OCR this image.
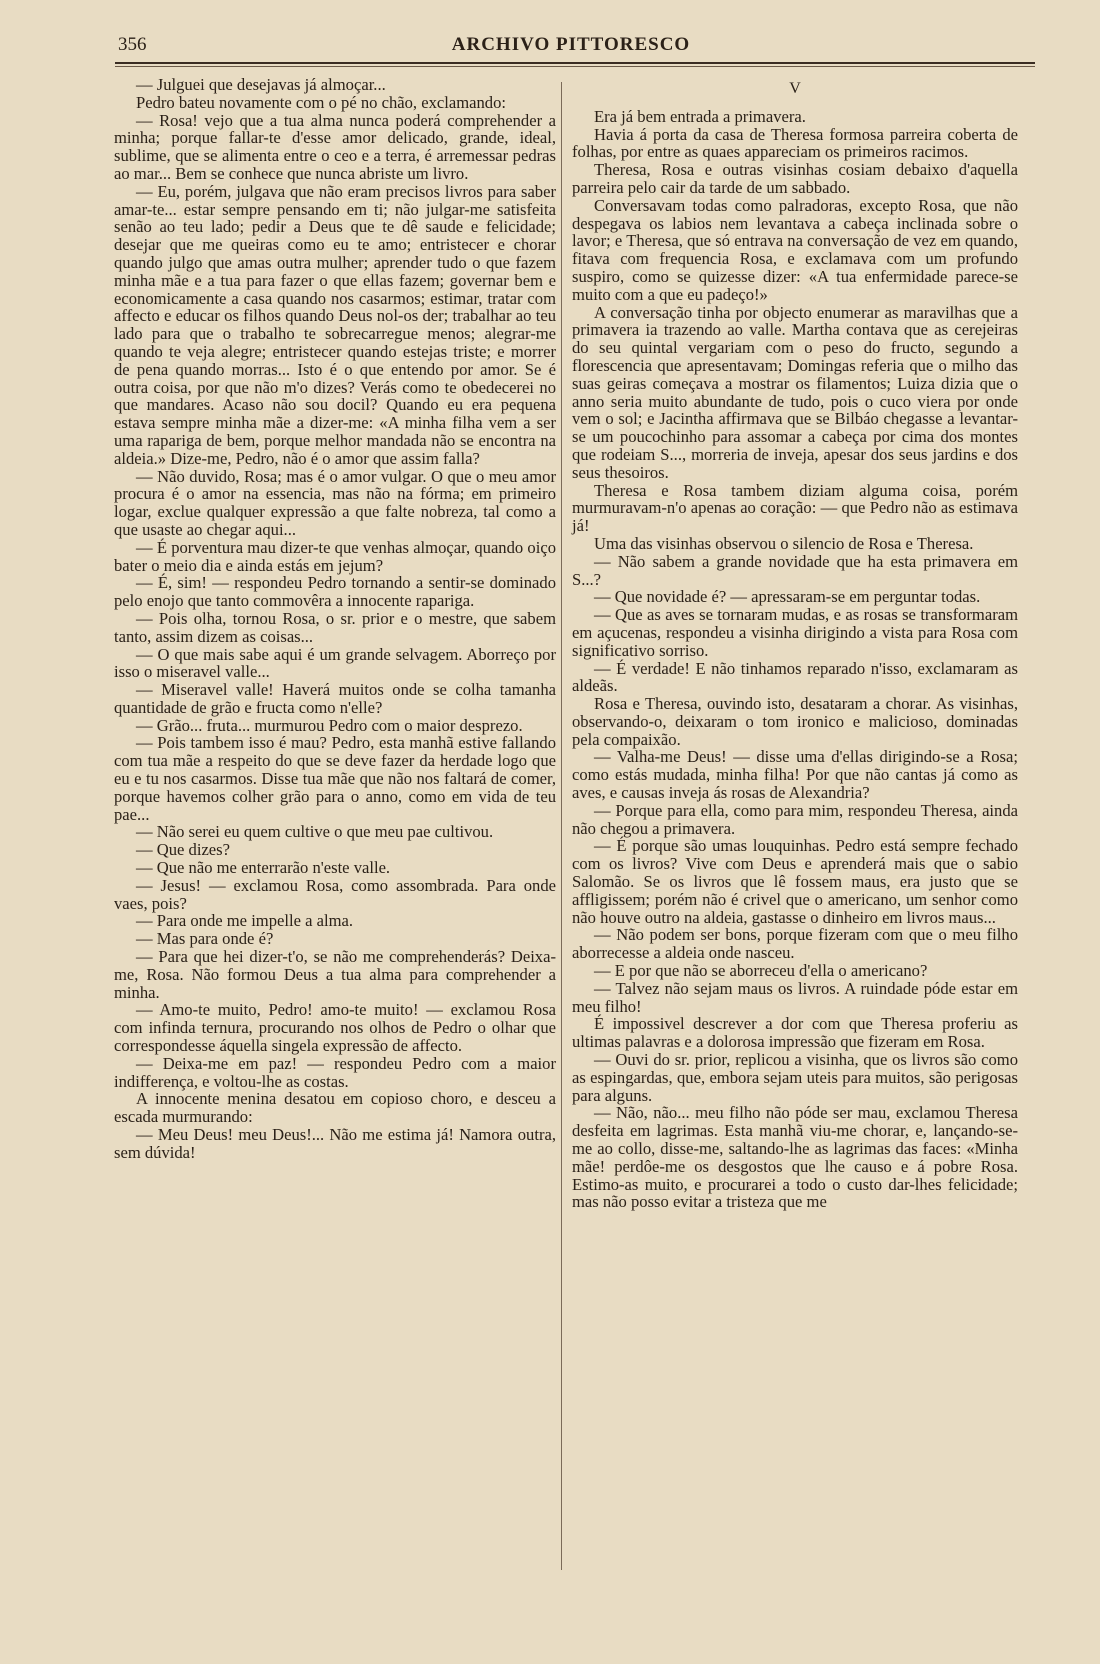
356	ARCHIVO PITTORESCO

— Julguei que desejavas já almoçar...

Pedro bateu novamente com o pé no chão, exclamando:

— Rosa! vejo que a tua alma nunca poderá comprehender a minha; porque fallar-te d'esse amor delicado, grande, ideal, sublime, que se alimenta entre o ceo e a terra, é arremessar pedras ao mar... Bem se conhece que nunca abriste um livro.

— Eu, porém, julgava que não eram precisos livros para saber amar-te... estar sempre pensando em ti; não julgar-me satisfeita senão ao teu lado; pedir a Deus que te dê saude e felicidade; desejar que me queiras como eu te amo; entristecer e chorar quando julgo que amas outra mulher; aprender tudo o que fazem minha mãe e a tua para fazer o que ellas fazem; governar bem e economicamente a casa quando nos casarmos; estimar, tratar com affecto e educar os filhos quando Deus nol-os der; trabalhar ao teu lado para que o trabalho te sobrecarregue menos; alegrar-me quando te veja alegre; entristecer quando estejas triste; e morrer de pena quando morras... Isto é o que entendo por amor. Se é outra coisa, por que não m'o dizes? Verás como te obedecerei no que mandares. Acaso não sou docil? Quando eu era pequena estava sempre minha mãe a dizer-me: «A minha filha vem a ser uma rapariga de bem, porque melhor mandada não se encontra na aldeia.» Dize-me, Pedro, não é o amor que assim falla?

— Não duvido, Rosa; mas é o amor vulgar. O que o meu amor procura é o amor na essencia, mas não na fórma; em primeiro logar, exclue qualquer expressão a que falte nobreza, tal como a que usaste ao chegar aqui...

— É porventura mau dizer-te que venhas almoçar, quando oiço bater o meio dia e ainda estás em jejum?

— É, sim! — respondeu Pedro tornando a sentir-se dominado pelo enojo que tanto commovêra a innocente rapariga.

— Pois olha, tornou Rosa, o sr. prior e o mestre, que sabem tanto, assim dizem as coisas...

— O que mais sabe aqui é um grande selvagem. Aborreço por isso o miseravel valle...

— Miseravel valle! Haverá muitos onde se colha tamanha quantidade de grão e fructa como n'elle?

— Grão... fruta... murmurou Pedro com o maior desprezo.

— Pois tambem isso é mau? Pedro, esta manhã estive fallando com tua mãe a respeito do que se deve fazer da herdade logo que eu e tu nos casarmos. Disse tua mãe que não nos faltará de comer, porque havemos colher grão para o anno, como em vida de teu pae...

— Não serei eu quem cultive o que meu pae cultivou.

— Que dizes?

— Que não me enterrarão n'este valle.

— Jesus! — exclamou Rosa, como assombrada. Para onde vaes, pois?

— Para onde me impelle a alma.

— Mas para onde é?

— Para que hei dizer-t'o, se não me comprehenderás? Deixa-me, Rosa. Não formou Deus a tua alma para comprehender a minha.

— Amo-te muito, Pedro! amo-te muito! — exclamou Rosa com infinda ternura, procurando nos olhos de Pedro o olhar que correspondesse áquella singela expressão de affecto.

— Deixa-me em paz! — respondeu Pedro com a maior indifferença, e voltou-lhe as costas.

A innocente menina desatou em copioso choro, e desceu a escada murmurando:

— Meu Deus! meu Deus!... Não me estima já! Namora outra, sem dúvida!

V

Era já bem entrada a primavera.

Havia á porta da casa de Theresa formosa parreira coberta de folhas, por entre as quaes appareciam os primeiros racimos.

Theresa, Rosa e outras visinhas cosiam debaixo d'aquella parreira pelo cair da tarde de um sabbado.

Conversavam todas como palradoras, excepto Rosa, que não despegava os labios nem levantava a cabeça inclinada sobre o lavor; e Theresa, que só entrava na conversação de vez em quando, fitava com frequencia Rosa, e exclamava com um profundo suspiro, como se quizesse dizer: «A tua enfermidade parece-se muito com a que eu padeço!»

A conversação tinha por objecto enumerar as maravilhas que a primavera ia trazendo ao valle. Martha contava que as cerejeiras do seu quintal vergariam com o peso do fructo, segundo a florescencia que apresentavam; Domingas referia que o milho das suas geiras começava a mostrar os filamentos; Luiza dizia que o anno seria muito abundante de tudo, pois o cuco viera por onde vem o sol; e Jacintha affirmava que se Bilbáo chegasse a levantar-se um poucochinho para assomar a cabeça por cima dos montes que rodeiam S..., morreria de inveja, apesar dos seus jardins e dos seus thesoiros.

Theresa e Rosa tambem diziam alguma coisa, porém murmuravam-n'o apenas ao coração: — que Pedro não as estimava já!

Uma das visinhas observou o silencio de Rosa e Theresa.

— Não sabem a grande novidade que ha esta primavera em S...?

— Que novidade é? — apressaram-se em perguntar todas.

— Que as aves se tornaram mudas, e as rosas se transformaram em açucenas, respondeu a visinha dirigindo a vista para Rosa com significativo sorriso.

— É verdade! E não tinhamos reparado n'isso, exclamaram as aldeãs.

Rosa e Theresa, ouvindo isto, desataram a chorar. As visinhas, observando-o, deixaram o tom ironico e malicioso, dominadas pela compaixão.

— Valha-me Deus! — disse uma d'ellas dirigindo-se a Rosa; como estás mudada, minha filha! Por que não cantas já como as aves, e causas inveja ás rosas de Alexandria?

— Porque para ella, como para mim, respondeu Theresa, ainda não chegou a primavera.

— É porque são umas louquinhas. Pedro está sempre fechado com os livros? Vive com Deus e aprenderá mais que o sabio Salomão. Se os livros que lê fossem maus, era justo que se affligissem; porém não é crivel que o americano, um senhor como não houve outro na aldeia, gastasse o dinheiro em livros maus...

— Não podem ser bons, porque fizeram com que o meu filho aborrecesse a aldeia onde nasceu.

— E por que não se aborreceu d'ella o americano?

— Talvez não sejam maus os livros. A ruindade póde estar em meu filho!

É impossivel descrever a dor com que Theresa proferiu as ultimas palavras e a dolorosa impressão que fizeram em Rosa.

— Ouvi do sr. prior, replicou a visinha, que os livros são como as espingardas, que, embora sejam uteis para muitos, são perigosas para alguns.

— Não, não... meu filho não póde ser mau, exclamou Theresa desfeita em lagrimas. Esta manhã viu-me chorar, e, lançando-se-me ao collo, disse-me, saltando-lhe as lagrimas das faces: «Minha mãe! perdôe-me os desgostos que lhe causo e á pobre Rosa. Estimo-as muito, e procurarei a todo o custo dar-lhes felicidade; mas não posso evitar a tristeza que me
